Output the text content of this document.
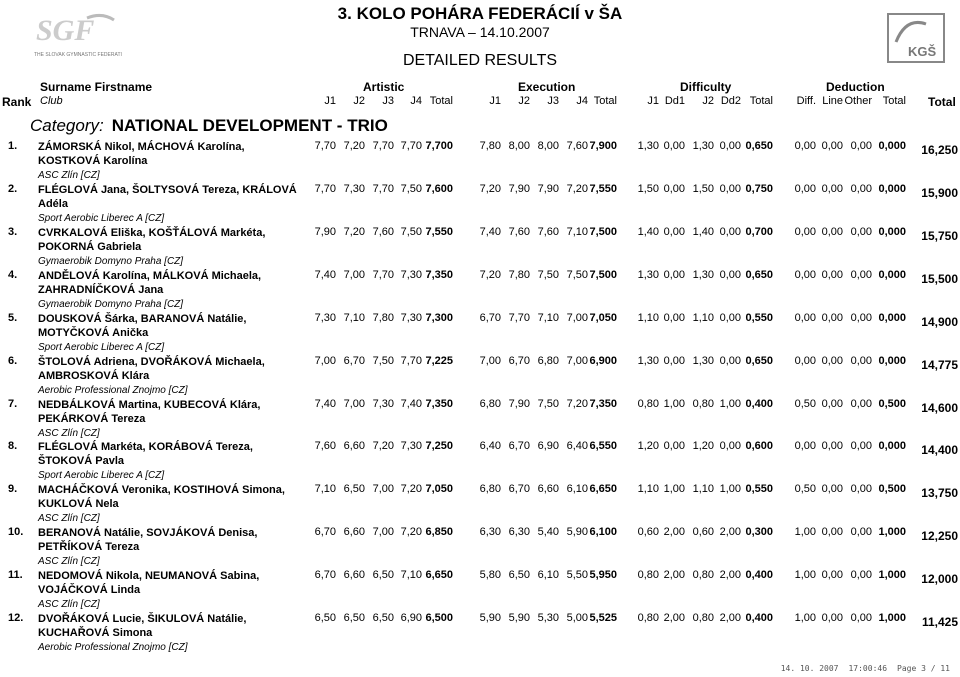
SGF
THE SLOVAK GYMNASTIC FEDERATION	KGŠ
3. KOLO POHÁRA FEDERÁCIÍ v ŠA
TRNAVA – 14.10.2007
DETAILED RESULTS
Surname Firstname	Artistic	Execution	Difficulty	Deduction
Rank Club	J1	J2	J3	J4 Total	J1	J2	J3	J4 Total	J1 Dd1	J2 Dd2 Total	Diff. Line Other Total Total
Category: NATIONAL DEVELOPMENT - TRIO
1. ZÁMORSKÁ Nikol, MÁCHOVÁ Karolína,
KOSTKOVÁ Karolína
ASC Zlín [CZ]
7,70 7,20 7,70 7,70 7,700	7,80 8,00 8,00 7,60 7,900	1,30 0,00 1,30 0,00 0,650	0,00 0,00 0,00 0,000	16,250
2. FLÉGLOVÁ Jana, ŠOLTYSOVÁ Tereza, KRÁLOVÁ
Adéla
Sport Aerobic Liberec A [CZ]
7,70 7,30 7,70 7,50 7,600	7,20 7,90 7,90 7,20 7,550	1,50 0,00 1,50 0,00 0,750	0,00 0,00 0,00 0,000	15,900
3. CVRKALOVÁ Eliška, KOŠŤÁLOVÁ Markéta,
POKORNÁ Gabriela
Gymaerobik Domyno Praha [CZ]
7,90 7,20 7,60 7,50 7,550	7,40 7,60 7,60 7,10 7,500	1,40 0,00 1,40 0,00 0,700	0,00 0,00 0,00 0,000	15,750
4. ANDĚLOVÁ Karolína, MÁLKOVÁ Michaela,
ZAHRADNÍČKOVÁ Jana
Gymaerobik Domyno Praha [CZ]
7,40 7,00 7,70 7,30 7,350	7,20 7,80 7,50 7,50 7,500	1,30 0,00 1,30 0,00 0,650	0,00 0,00 0,00 0,000	15,500
5. DOUSKOVÁ Šárka, BARANOVÁ Natálie,
MOTYČKOVÁ Anička
Sport Aerobic Liberec A [CZ]
7,30 7,10 7,80 7,30 7,300	6,70 7,70 7,10 7,00 7,050	1,10 0,00 1,10 0,00 0,550	0,00 0,00 0,00 0,000	14,900
6. ŠTOLOVÁ Adriena, DVOŘÁKOVÁ Michaela,
AMBROSKOVÁ Klára
Aerobic Professional Znojmo [CZ]
7,00 6,70 7,50 7,70 7,225	7,00 6,70 6,80 7,00 6,900	1,30 0,00 1,30 0,00 0,650	0,00 0,00 0,00 0,000	14,775
7. NEDBÁLKOVÁ Martina, KUBECOVÁ Klára,
PEKÁRKOVÁ Tereza
ASC Zlín [CZ]
7,40 7,00 7,30 7,40 7,350	6,80 7,90 7,50 7,20 7,350	0,80 1,00 0,80 1,00 0,400	0,50 0,00 0,00 0,500	14,600
8. FLÉGLOVÁ Markéta, KORÁBOVÁ Tereza,
ŠTOKOVÁ Pavla
Sport Aerobic Liberec A [CZ]
7,60 6,60 7,20 7,30 7,250	6,40 6,70 6,90 6,40 6,550	1,20 0,00 1,20 0,00 0,600	0,00 0,00 0,00 0,000	14,400
9. MACHÁČKOVÁ Veronika, KOSTIHOVÁ Simona,
KUKLOVÁ Nela
ASC Zlín [CZ]
7,10 6,50 7,00 7,20 7,050	6,80 6,70 6,60 6,10 6,650	1,10 1,00 1,10 1,00 0,550	0,50 0,00 0,00 0,500	13,750
10. BERANOVÁ Natálie, SOVJÁKOVÁ Denisa,
PETŘÍKOVÁ Tereza
ASC Zlín [CZ]
6,70 6,60 7,00 7,20 6,850	6,30 6,30 5,40 5,90 6,100	0,60 2,00 0,60 2,00 0,300	1,00 0,00 0,00 1,000	12,250
11. NEDOMOVÁ Nikola, NEUMANOVÁ Sabina,
VOJÁČKOVÁ Linda
ASC Zlín [CZ]
6,70 6,60 6,50 7,10 6,650	5,80 6,50 6,10 5,50 5,950	0,80 2,00 0,80 2,00 0,400	1,00 0,00 0,00 1,000	12,000
12. DVOŘÁKOVÁ Lucie, ŠIKULOVÁ Natálie,
KUCHAŘOVÁ Simona
Aerobic Professional Znojmo [CZ]
6,50 6,50 6,50 6,90 6,500	5,90 5,90 5,30 5,00 5,525	0,80 2,00 0,80 2,00 0,400	1,00 0,00 0,00 1,000	11,425
14. 10. 2007 17:00:46 Page 3 / 11
